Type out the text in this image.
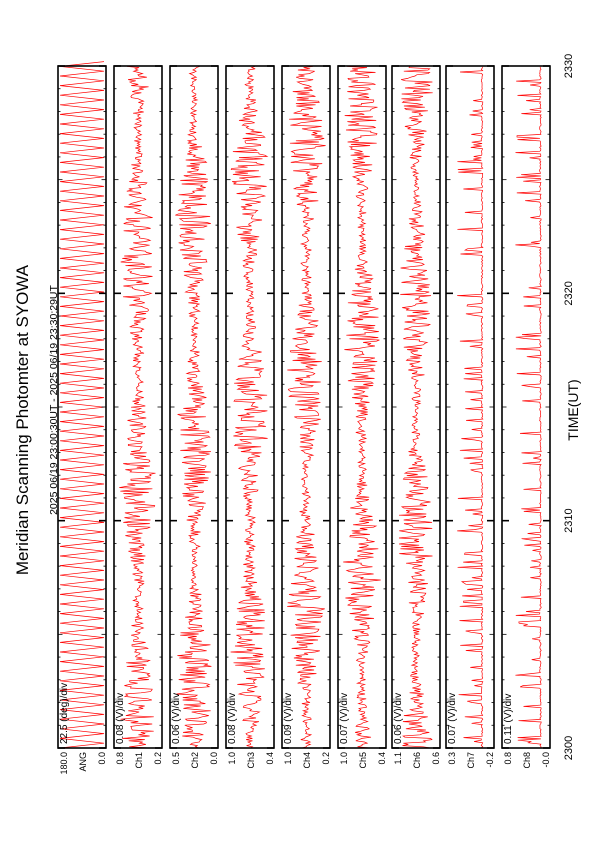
Meridian Scanning Photomter at SYOWA 2025 06/19 23:00:30UT - 2025 06/19 23:30:29UT	TIME(UT)
22.5 (deg)/div
180.0	0.0
ANG
0.08 (V)/div
0.8	0.2
Ch1
0.06 (V)/div
0.5	0.0
Ch2
0.08 (V)/div
1.0	0.4
Ch3
0.09 (V)/div
1.0	0.2
Ch4
0.07 (V)/div
1.0	0.4
Ch5
0.06 (V)/div
1.1	0.6
Ch6
0.07 (V)/div
0.3	-0.2
Ch7
0.11 (V)/div
0.8	-0.0
Ch8
2300
2310
2320
2330
